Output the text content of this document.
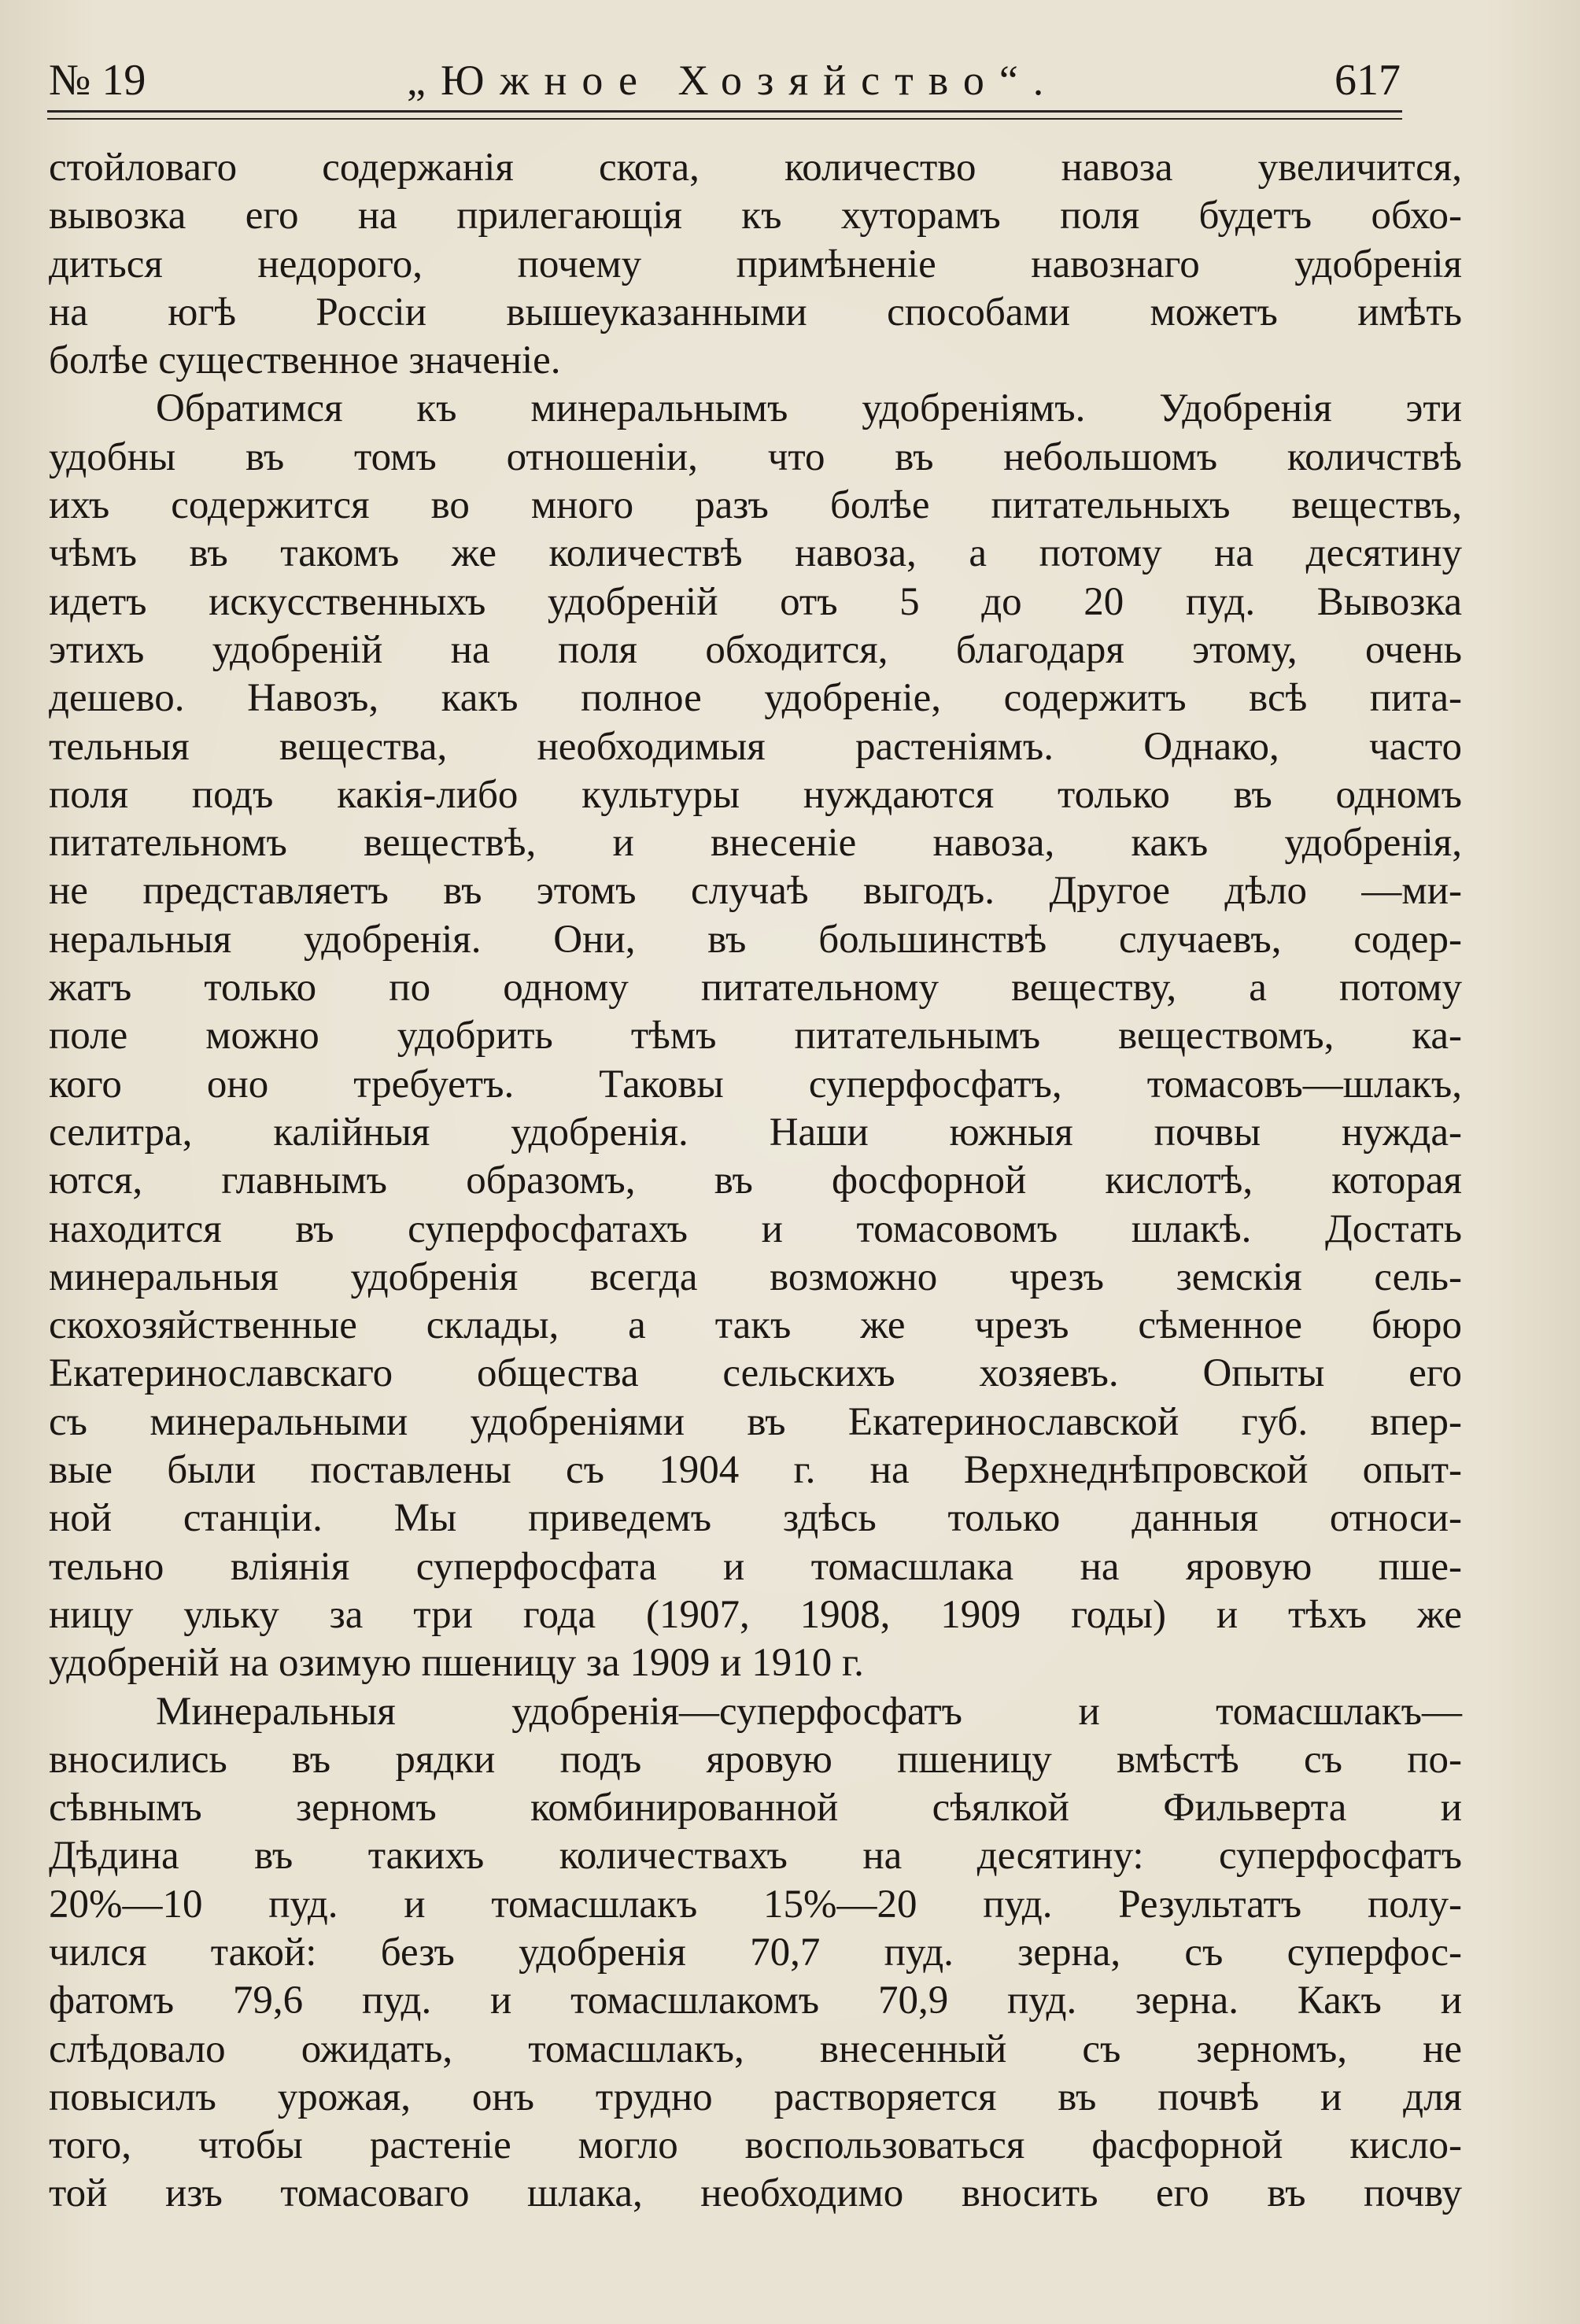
№ 19	„Южное Хозяйство“.	617
стойловаго содержанія скота, количество навоза увеличится,
вывозка его на прилегающія къ хуторамъ поля будетъ обхо-
диться недорого, почему примѣненіе навознаго удобренія
на югѣ Россіи вышеуказанными способами можетъ имѣть
болѣе существенное значеніе.
Обратимся къ минеральнымъ удобреніямъ. Удобренія эти
удобны въ томъ отношеніи, что въ небольшомъ количствѣ
ихъ содержится во много разъ болѣе питательныхъ веществъ,
чѣмъ въ такомъ же количествѣ навоза, а потому на десятину
идетъ искусственныхъ удобреній отъ 5 до 20 пуд. Вывозка
этихъ удобреній на поля обходится, благодаря этому, очень
дешево. Навозъ, какъ полное удобреніе, содержитъ всѣ пита-
тельныя вещества, необходимыя растеніямъ. Однако, часто
поля подъ какія-либо культуры нуждаются только въ одномъ
питательномъ веществѣ, и внесеніе навоза, какъ удобренія,
не представляетъ въ этомъ случаѣ выгодъ. Другое дѣло —ми-
неральныя удобренія. Они, въ большинствѣ случаевъ, содер-
жатъ только по одному питательному веществу, а потому
поле можно удобрить тѣмъ питательнымъ веществомъ, ка-
кого оно требуетъ. Таковы суперфосфатъ, томасовъ—шлакъ,
селитра, калійныя удобренія. Наши южныя почвы нужда-
ются, главнымъ образомъ, въ фосфорной кислотѣ, которая
находится въ суперфосфатахъ и томасовомъ шлакѣ. Достать
минеральныя удобренія всегда возможно чрезъ земскія сель-
скохозяйственные склады, а такъ же чрезъ сѣменное бюро
Екатеринославскаго общества сельскихъ хозяевъ. Опыты его
съ минеральными удобреніями въ Екатеринославской губ. впер-
вые были поставлены съ 1904 г. на Верхнеднѣпровской опыт-
ной станціи. Мы приведемъ здѣсь только данныя относи-
тельно вліянія суперфосфата и томасшлака на яровую пше-
ницу ульку за три года (1907, 1908, 1909 годы) и тѣхъ же
удобреній на озимую пшеницу за 1909 и 1910 г.
Минеральныя удобренія—суперфосфатъ и томасшлакъ—
вносились въ рядки подъ яровую пшеницу вмѣстѣ съ по-
сѣвнымъ зерномъ комбинированной сѣялкой Фильверта и
Дѣдина въ такихъ количествахъ на десятину: суперфосфатъ
20%—10 пуд. и томасшлакъ 15%—20 пуд. Результатъ полу-
чился такой: безъ удобренія 70,7 пуд. зерна, съ суперфос-
фатомъ 79,6 пуд. и томасшлакомъ 70,9 пуд. зерна. Какъ и
слѣдовало ожидать, томасшлакъ, внесенный съ зерномъ, не
повысилъ урожая, онъ трудно растворяется въ почвѣ и для
того, чтобы растеніе могло воспользоваться фасфорной кисло-
той изъ томасоваго шлака, необходимо вносить его въ почву
